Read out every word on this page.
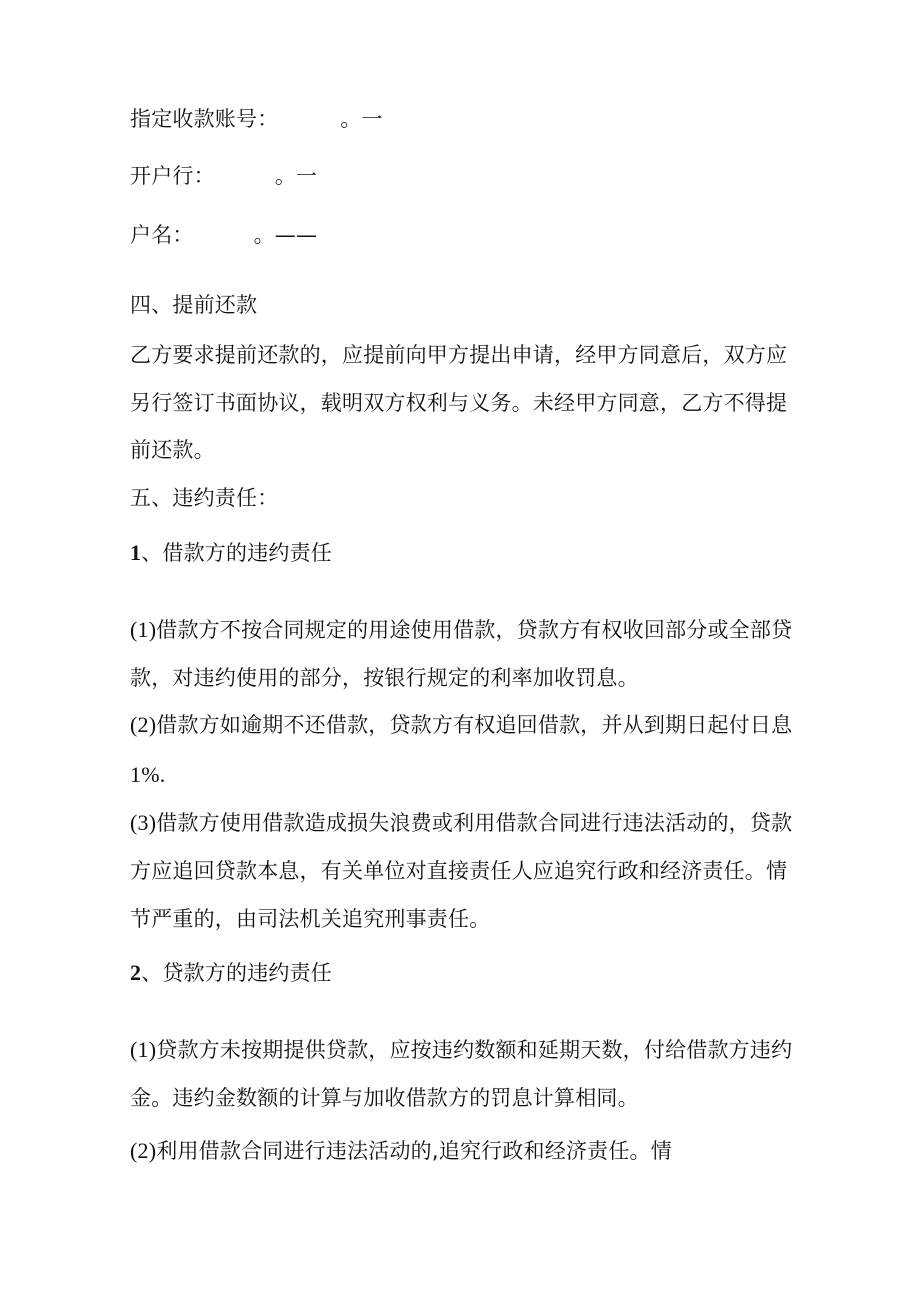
指定收款账号：	。一
开户行：	。一
户名：	。——
四、提前还款
乙方要求提前还款的，应提前向甲方提出申请，经甲方同意后，双方应
另行签订书面协议，载明双方权利与义务。未经甲方同意，乙方不得提
前还款。
五、违约责任：
1、借款方的违约责任
(1)借款方不按合同规定的用途使用借款，贷款方有权收回部分或全部贷
款，对违约使用的部分，按银行规定的利率加收罚息。
(2)借款方如逾期不还借款，贷款方有权追回借款，并从到期日起付日息
1%.
(3)借款方使用借款造成损失浪费或利用借款合同进行违法活动的，贷款
方应追回贷款本息，有关单位对直接责任人应追究行政和经济责任。情
节严重的，由司法机关追究刑事责任。
2、贷款方的违约责任
(1)贷款方未按期提供贷款，应按违约数额和延期天数，付给借款方违约
金。违约金数额的计算与加收借款方的罚息计算相同。
(2)利用借款合同进行违法活动的,追究行政和经济责任。情
